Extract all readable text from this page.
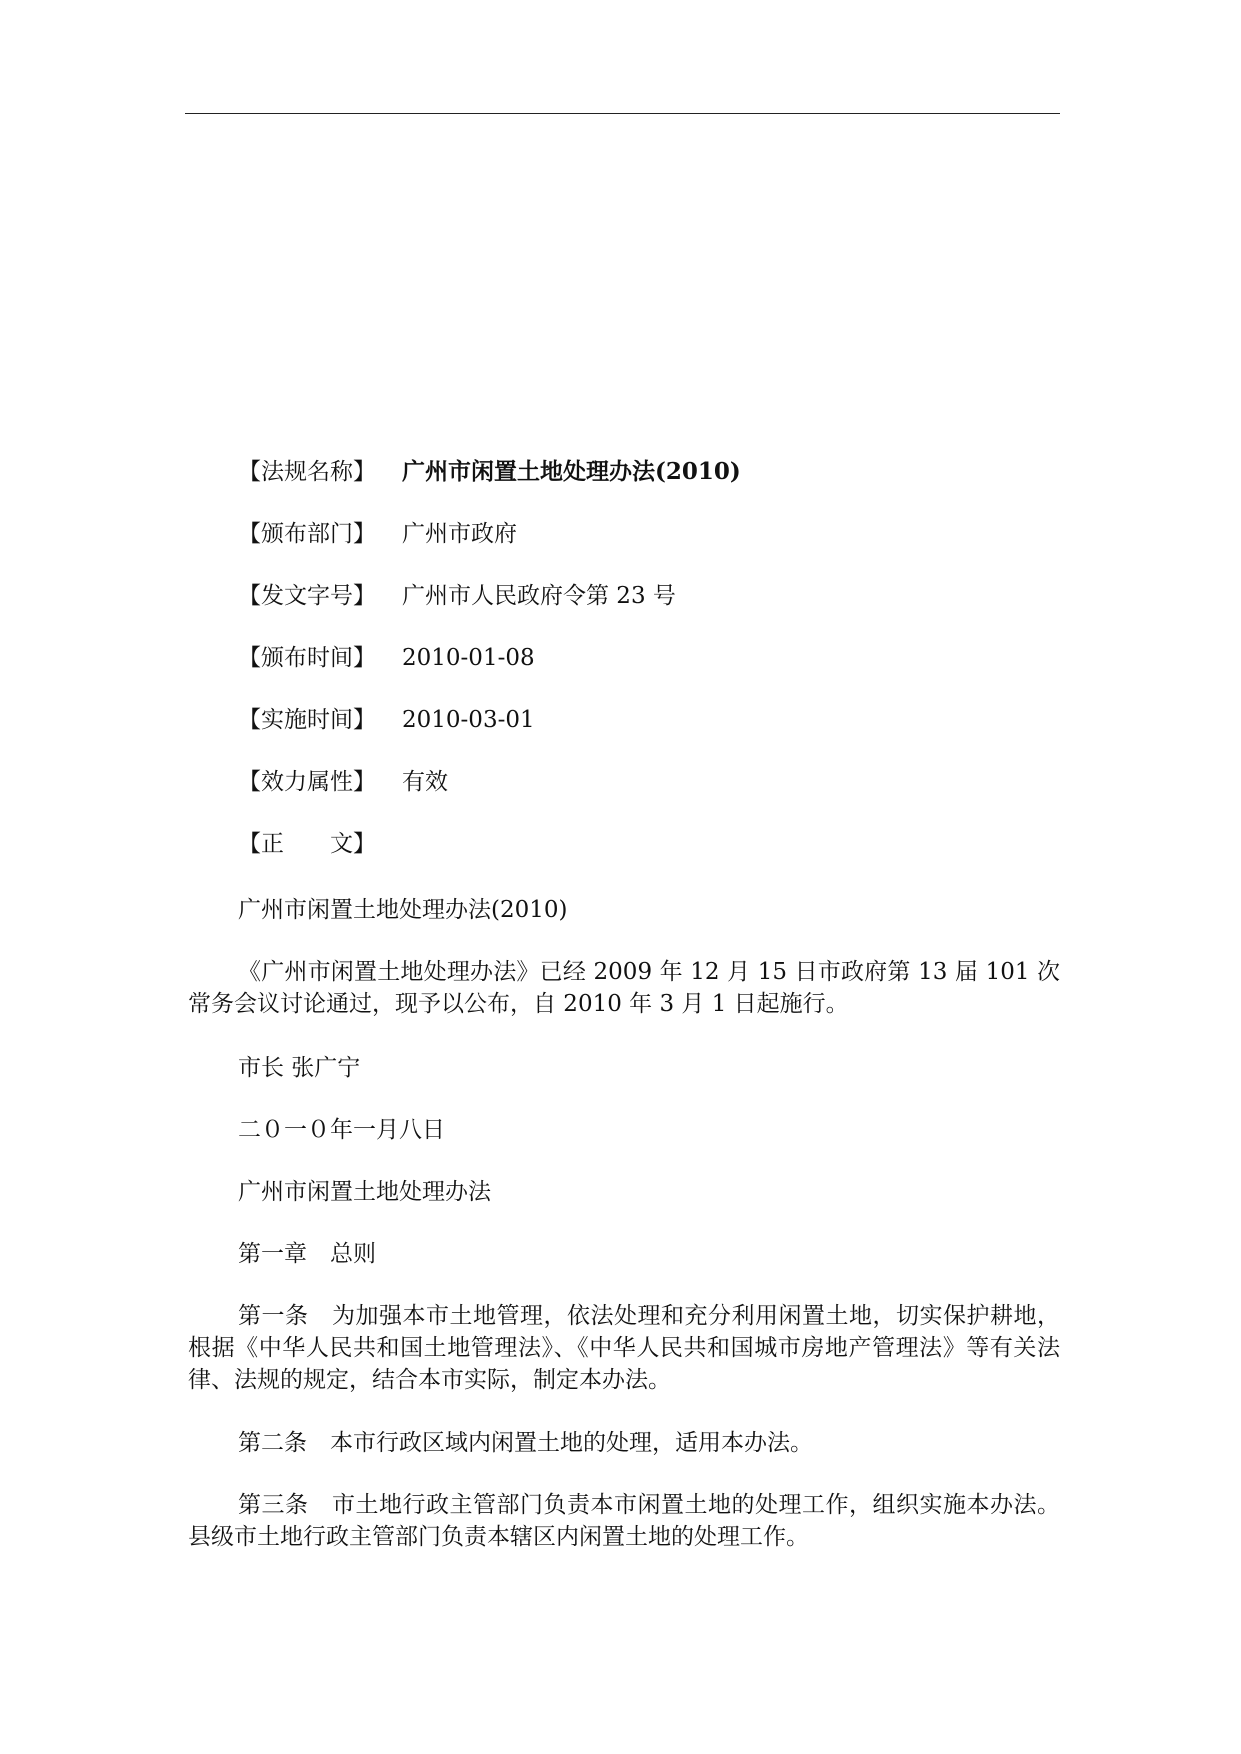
【法规名称】	广州市闲置土地处理办法(2010)
【颁布部门】	广州市政府
【发文字号】	广州市人民政府令第 23 号
【颁布时间】	2010-01-08
【实施时间】	2010-03-01
【效力属性】	有效
【正　　文】

广州市闲置土地处理办法(2010)

《广州市闲置土地处理办法》已经 2009 年 12 月 15 日市政府第 13 届 101 次常务会议讨论通过，现予以公布，自 2010 年 3 月 1 日起施行。

市长 张广宁

二０一０年一月八日

广州市闲置土地处理办法

第一章　总则

第一条　为加强本市土地管理，依法处理和充分利用闲置土地，切实保护耕地，根据《中华人民共和国土地管理法》、《中华人民共和国城市房地产管理法》等有关法律、法规的规定，结合本市实际，制定本办法。

第二条　本市行政区域内闲置土地的处理，适用本办法。

第三条　市土地行政主管部门负责本市闲置土地的处理工作，组织实施本办法。县级市土地行政主管部门负责本辖区内闲置土地的处理工作。
